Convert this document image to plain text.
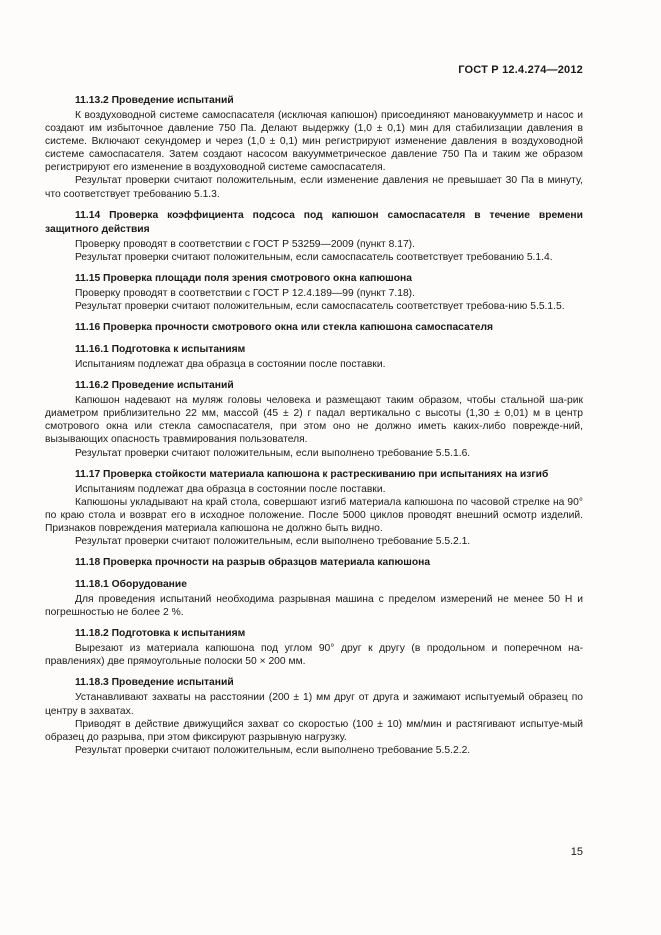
ГОСТ Р 12.4.274—2012
11.13.2 Проведение испытаний

К воздуховодной системе самоспасателя (исключая капюшон) присоединяют мановакуумметр и насос и создают им избыточное давление 750 Па. Делают выдержку (1,0 ± 0,1) мин для стабилизации давления в системе. Включают секундомер и через (1,0 ± 0,1) мин регистрируют изменение давления в воздуховодной системе самоспасателя. Затем создают насосом вакуумметрическое давление 750 Па и таким же образом регистрируют его изменение в воздуховодной системе самоспасателя.

Результат проверки считают положительным, если изменение давления не превышает 30 Па в минуту, что соответствует требованию 5.1.3.

11.14 Проверка коэффициента подсоса под капюшон самоспасателя в течение времени защитного действия

Проверку проводят в соответствии с ГОСТ Р 53259—2009 (пункт 8.17).

Результат проверки считают положительным, если самоспасатель соответствует требованию 5.1.4.

11.15 Проверка площади поля зрения смотрового окна капюшона

Проверку проводят в соответствии с ГОСТ Р 12.4.189—99 (пункт 7.18).

Результат проверки считают положительным, если самоспасатель соответствует требова-нию 5.5.1.5.

11.16 Проверка прочности смотрового окна или стекла капюшона самоспасателя
11.16.1 Подготовка к испытаниям

Испытаниям подлежат два образца в состоянии после поставки.

11.16.2 Проведение испытаний

Капюшон надевают на муляж головы человека и размещают таким образом, чтобы стальной ша-рик диаметром приблизительно 22 мм, массой (45 ± 2) г падал вертикально с высоты (1,30 ± 0,01) м в центр смотрового окна или стекла самоспасателя, при этом оно не должно иметь каких-либо поврежде-ний, вызывающих опасность травмирования пользователя.

Результат проверки считают положительным, если выполнено требование 5.5.1.6.

11.17 Проверка стойкости материала капюшона к растрескиванию при испытаниях на изгиб

Испытаниям подлежат два образца в состоянии после поставки.

Капюшоны укладывают на край стола, совершают изгиб материала капюшона по часовой стрелке на 90° по краю стола и возврат его в исходное положение. После 5000 циклов проводят внешний осмотр изделий. Признаков повреждения материала капюшона не должно быть видно.

Результат проверки считают положительным, если выполнено требование 5.5.2.1.

11.18 Проверка прочности на разрыв образцов материала капюшона
11.18.1 Оборудование

Для проведения испытаний необходима разрывная машина с пределом измерений не менее 50 Н и погрешностью не более 2 %.

11.18.2 Подготовка к испытаниям

Вырезают из материала капюшона под углом 90° друг к другу (в продольном и поперечном на-правлениях) две прямоугольные полоски 50 × 200 мм.

11.18.3 Проведение испытаний

Устанавливают захваты на расстоянии (200 ± 1) мм друг от друга и зажимают испытуемый образец по центру в захватах.

Приводят в действие движущийся захват со скоростью (100 ± 10) мм/мин и растягивают испытуе-мый образец до разрыва, при этом фиксируют разрывную нагрузку.

Результат проверки считают положительным, если выполнено требование 5.5.2.2.

15
